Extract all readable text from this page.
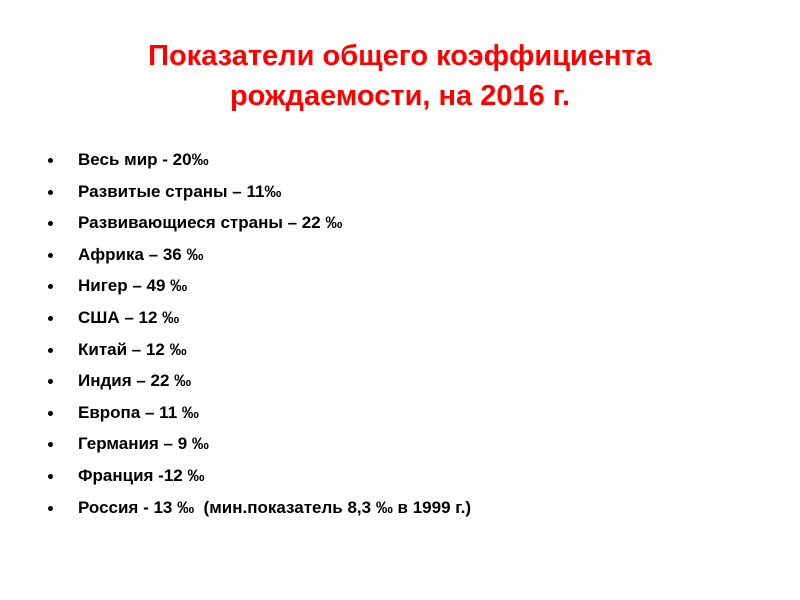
Показатели общего коэффициента
рождаемости, на 2016 г.
Весь мир - 20‰
Развитые страны – 11‰
Развивающиеся страны – 22 ‰
Африка – 36 ‰
Нигер – 49 ‰
США – 12 ‰
Китай – 12 ‰
Индия – 22 ‰
Европа – 11 ‰
Германия – 9 ‰
Франция -12 ‰
Россия - 13 ‰  (мин.показатель 8,3 ‰ в 1999 г.)
